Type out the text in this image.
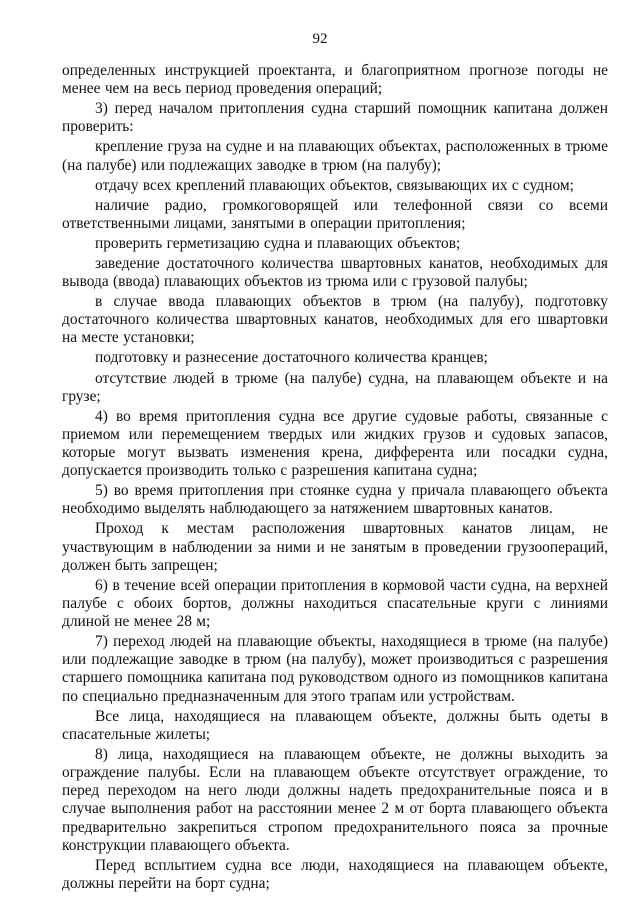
92

определенных инструкцией проектанта, и благоприятном прогнозе погоды не менее чем на весь период проведения операций;

3) перед началом притопления судна старший помощник капитана должен проверить:

крепление груза на судне и на плавающих объектах, расположенных в трюме (на палубе) или подлежащих заводке в трюм (на палубу);

отдачу всех креплений плавающих объектов, связывающих их с судном;

наличие радио, громкоговорящей или телефонной связи со всеми ответственными лицами, занятыми в операции притопления;

проверить герметизацию судна и плавающих объектов;

заведение достаточного количества швартовных канатов, необходимых для вывода (ввода) плавающих объектов из трюма или с грузовой палубы;

в случае ввода плавающих объектов в трюм (на палубу), подготовку достаточного количества швартовных канатов, необходимых для его швартовки на месте установки;

подготовку и разнесение достаточного количества кранцев;

отсутствие людей в трюме (на палубе) судна, на плавающем объекте и на грузе;

4) во время притопления судна все другие судовые работы, связанные с приемом или перемещением твердых или жидких грузов и судовых запасов, которые могут вызвать изменения крена, дифферента или посадки судна, допускается производить только с разрешения капитана судна;

5) во время притопления при стоянке судна у причала плавающего объекта необходимо выделять наблюдающего за натяжением швартовных канатов.

Проход к местам расположения швартовных канатов лицам, не участвующим в наблюдении за ними и не занятым в проведении грузоопераций, должен быть запрещен;

6) в течение всей операции притопления в кормовой части судна, на верхней палубе с обоих бортов, должны находиться спасательные круги с линиями длиной не менее 28 м;

7) переход людей на плавающие объекты, находящиеся в трюме (на палубе) или подлежащие заводке в трюм (на палубу), может производиться с разрешения старшего помощника капитана под руководством одного из помощников капитана по специально предназначенным для этого трапам или устройствам.

Все лица, находящиеся на плавающем объекте, должны быть одеты в спасательные жилеты;

8) лица, находящиеся на плавающем объекте, не должны выходить за ограждение палубы. Если на плавающем объекте отсутствует ограждение, то перед переходом на него люди должны надеть предохранительные пояса и в случае выполнения работ на расстоянии менее 2 м от борта плавающего объекта предварительно закрепиться стропом предохранительного пояса за прочные конструкции плавающего объекта.

Перед всплытием судна все люди, находящиеся на плавающем объекте, должны перейти на борт судна;
